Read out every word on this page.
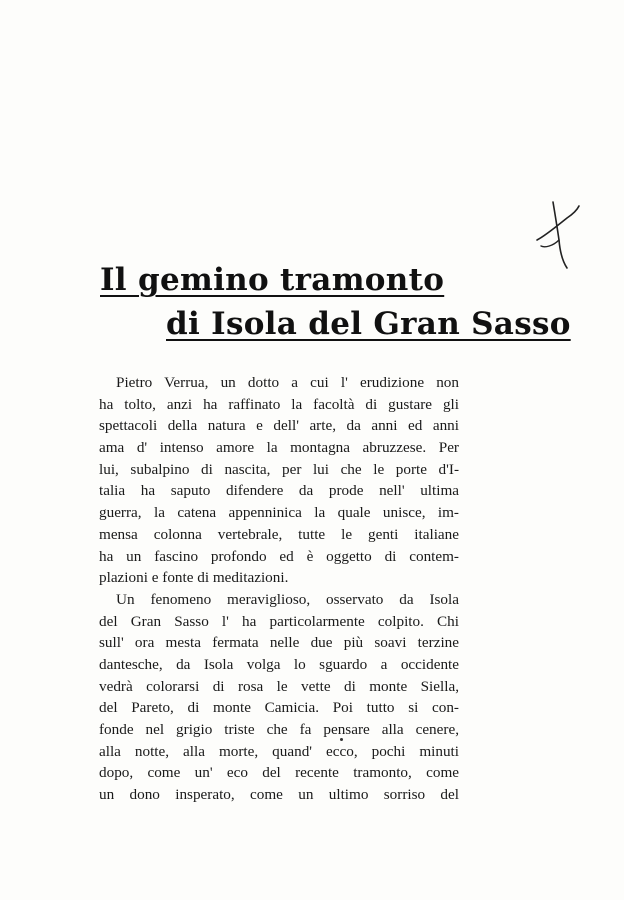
Il gemino tramonto
di Isola del Gran Sasso
Pietro Verrua, un dotto a cui l' erudizione non
ha tolto, anzi ha raffinato la facoltà di gustare gli
spettacoli della natura e dell' arte, da anni ed anni
ama d' intenso amore la montagna abruzzese. Per
lui, subalpino di nascita, per lui che le porte d'I-
talia ha saputo difendere da prode nell' ultima
guerra, la catena appenninica la quale unisce, im-
mensa colonna vertebrale, tutte le genti italiane
ha un fascino profondo ed è oggetto di contem-
plazioni e fonte di meditazioni.
Un fenomeno meraviglioso, osservato da Isola
del Gran Sasso l' ha particolarmente colpito. Chi
sull' ora mesta fermata nelle due più soavi terzine
dantesche, da Isola volga lo sguardo a occidente
vedrà colorarsi di rosa le vette di monte Siella,
del Pareto, di monte Camicia. Poi tutto si con-
fonde nel grigio triste che fa pensare alla cenere,
alla notte, alla morte, quand' ecco, pochi minuti
dopo, come un' eco del recente tramonto, come
un dono insperato, come un ultimo sorriso del
